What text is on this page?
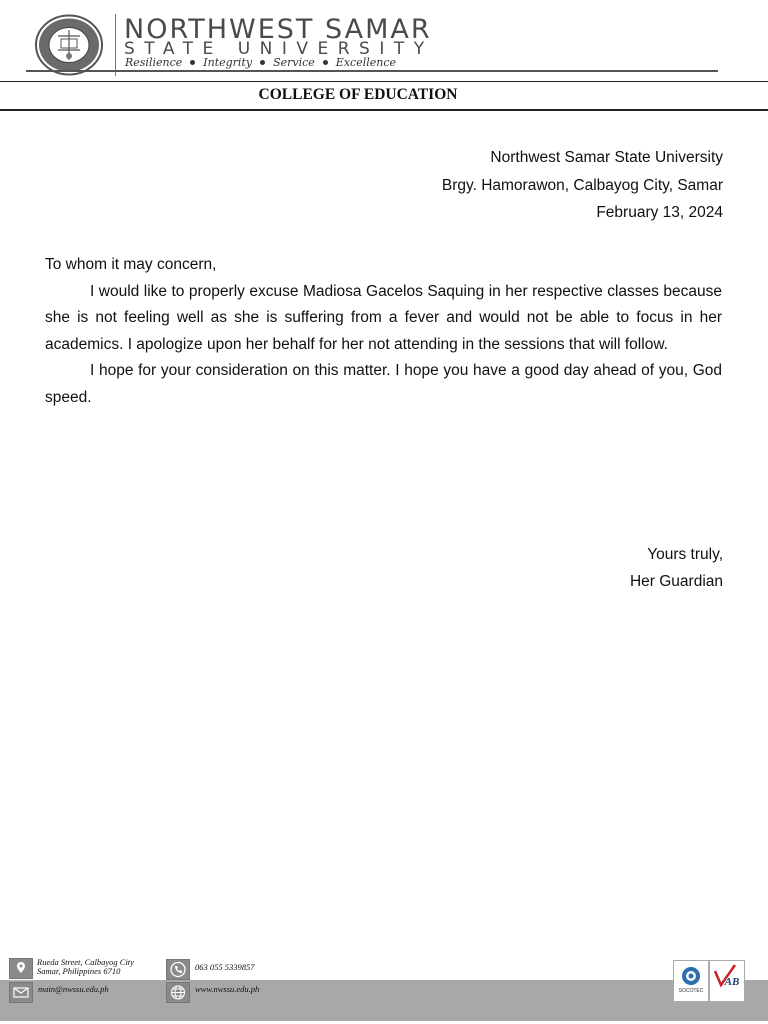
NORTHWEST SAMAR
STATE UNIVERSITY
Resilience Integrity Service Excellence
COLLEGE OF EDUCATION
Northwest Samar State University
Brgy. Hamorawon, Calbayog City, Samar
February 13, 2024

To whom it may concern,

I would like to properly excuse Madiosa Gacelos Saquing in her respective classes because she is not feeling well as she is suffering from a fever and would not be able to focus in her academics. I apologize upon her behalf for her not attending in the sessions that will follow.

I hope for your consideration on this matter. I hope you have a good day ahead of you, God speed.

Yours truly,
Her Guardian
Rueda Street, Calbayog City
Samar, Philippines 6710	063 055 5339857
main@nwssu.edu.ph	www.nwssu.edu.ph	SOCOTEC
AB
